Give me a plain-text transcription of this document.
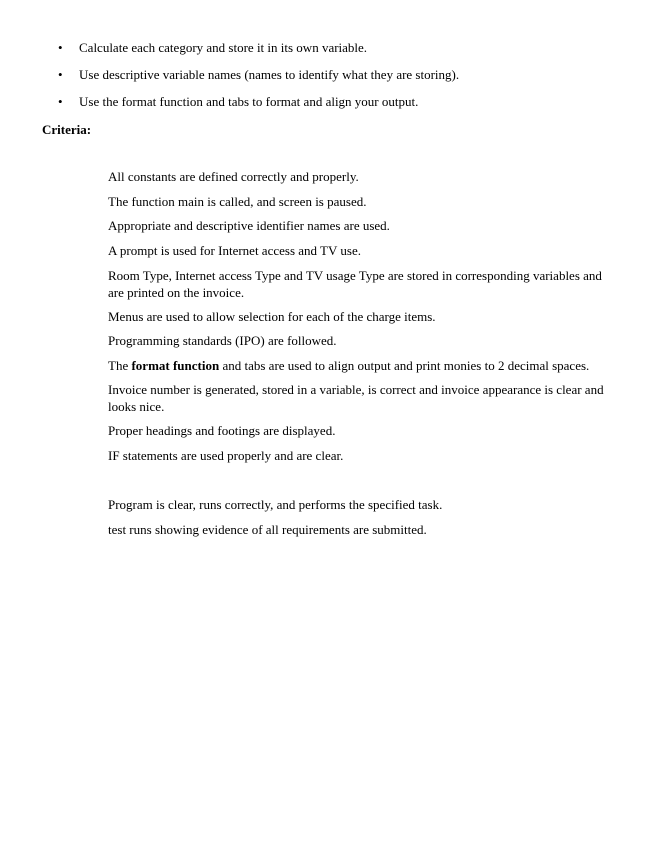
• Calculate each category and store it in its own variable.
• Use descriptive variable names (names to identify what they are storing).
• Use the format function and tabs to format and align your output.
Criteria:
All constants are defined correctly and properly.
The function main is called, and screen is paused.
Appropriate and descriptive identifier names are used.
A prompt is used for Internet access and TV use.
Room Type, Internet access Type and TV usage Type are stored in corresponding variables and are printed on the invoice.
Menus are used to allow selection for each of the charge items.
Programming standards (IPO) are followed.
The format function and tabs are used to align output and print monies to 2 decimal spaces.
Invoice number is generated, stored in a variable, is correct and invoice appearance is clear and looks nice.
Proper headings and footings are displayed.
IF statements are used properly and are clear.
Program is clear, runs correctly, and performs the specified task.
test runs showing evidence of all requirements are submitted.
